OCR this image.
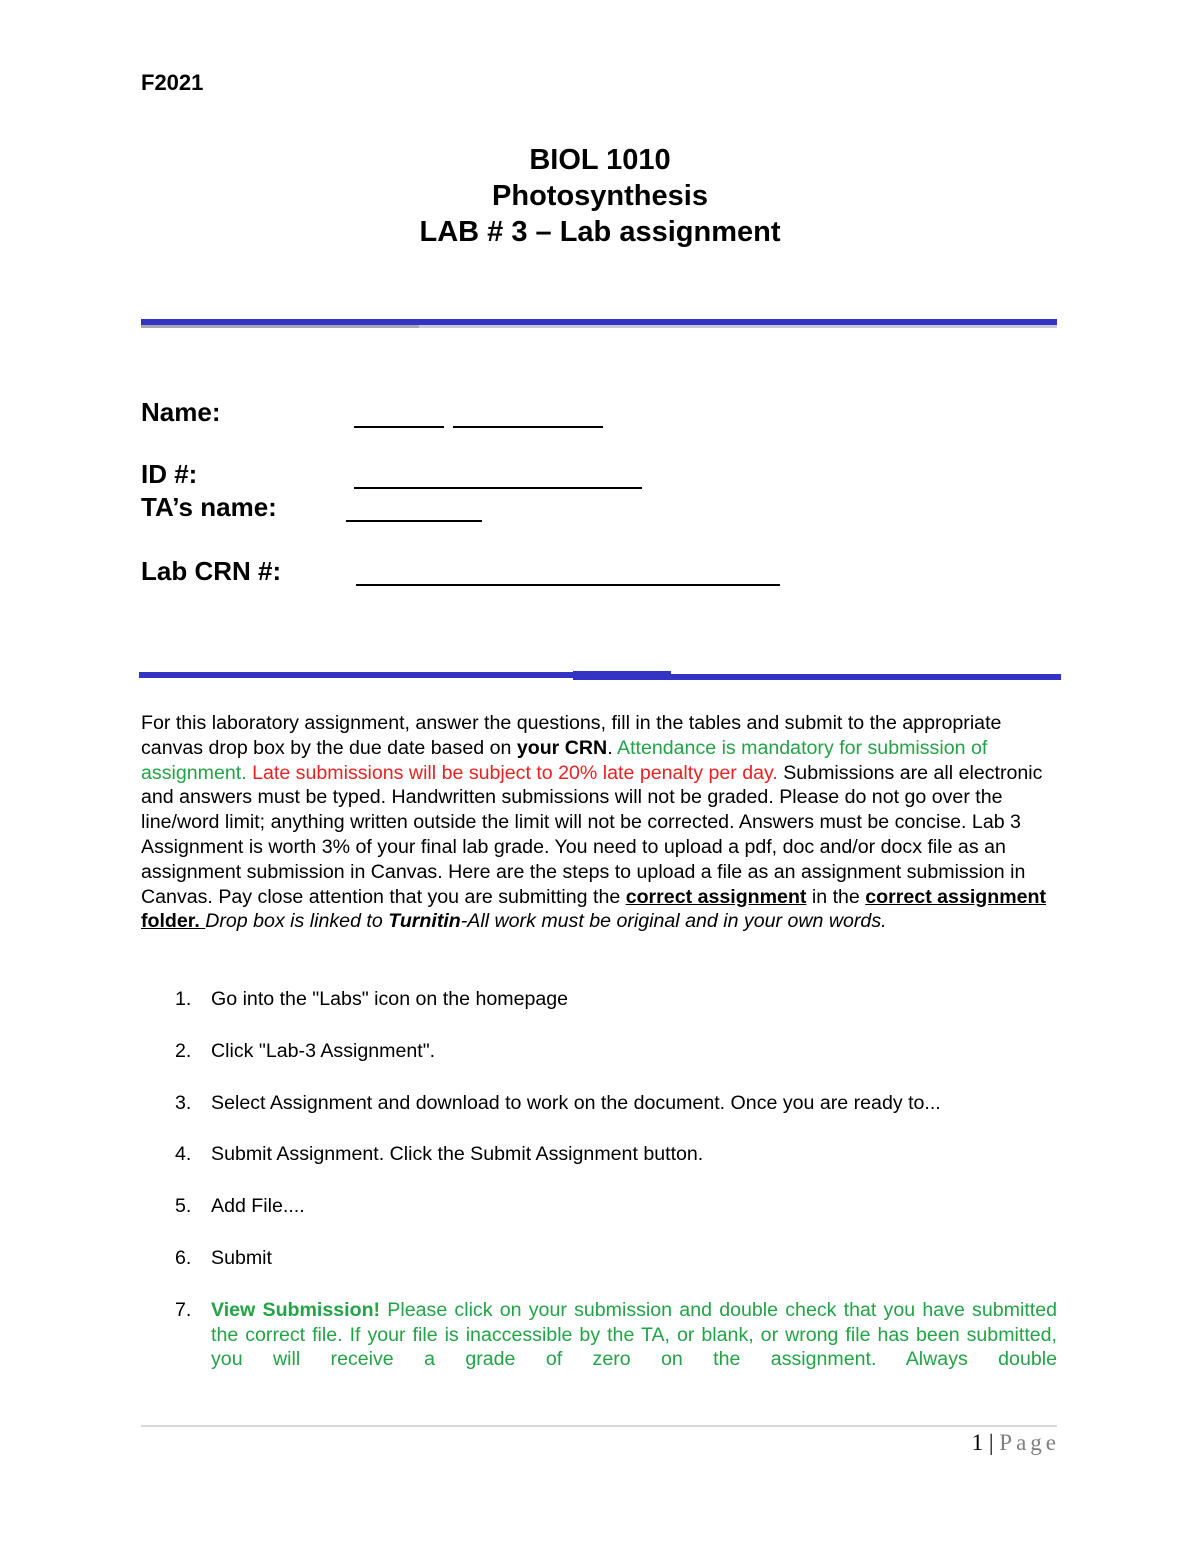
F2021
BIOL 1010
Photosynthesis
LAB # 3 – Lab assignment
Name:
ID #:
TA’s name:
Lab CRN #:
For this laboratory assignment, answer the questions, fill in the tables and submit to the appropriate canvas drop box by the due date based on your CRN. Attendance is mandatory for submission of assignment. Late submissions will be subject to 20% late penalty per day. Submissions are all electronic and answers must be typed. Handwritten submissions will not be graded. Please do not go over the line/word limit; anything written outside the limit will not be corrected. Answers must be concise. Lab 3 Assignment is worth 3% of your final lab grade. You need to upload a pdf, doc and/or docx file as an assignment submission in Canvas. Here are the steps to upload a file as an assignment submission in Canvas. Pay close attention that you are submitting the correct assignment in the correct assignment folder. Drop box is linked to Turnitin-All work must be original and in your own words.
1. Go into the "Labs" icon on the homepage
2. Click "Lab-3 Assignment".
3. Select Assignment and download to work on the document. Once you are ready to...
4. Submit Assignment. Click the Submit Assignment button.
5. Add File....
6. Submit
7. View Submission! Please click on your submission and double check that you have submitted the correct file. If your file is inaccessible by the TA, or blank, or wrong file has been submitted, you will receive a grade of zero on the assignment. Always double
1 | Page
